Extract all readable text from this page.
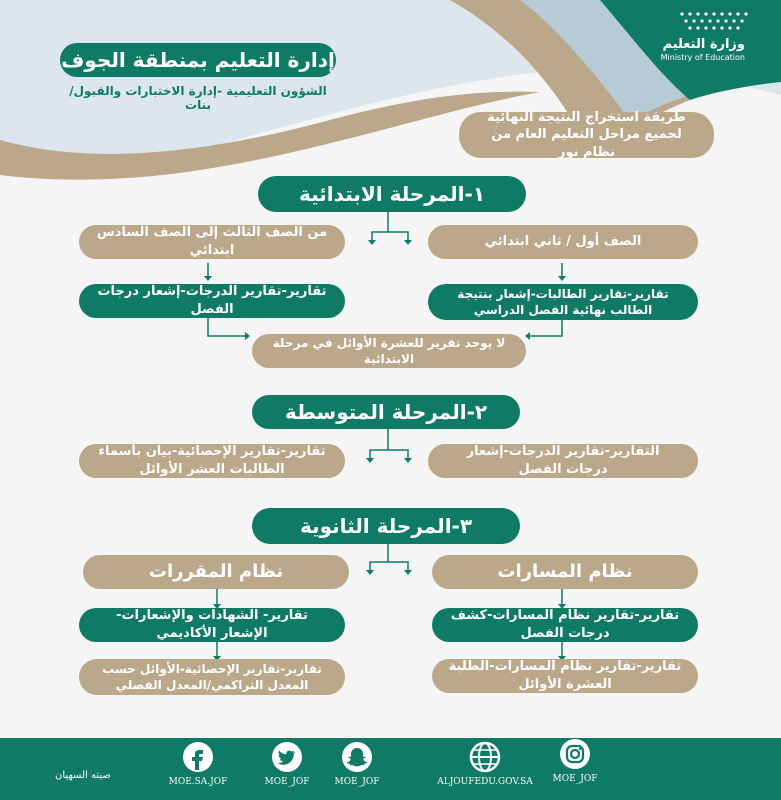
وزارة التعليم
Ministry of Education
إدارة التعليم بمنطقة الجوف
الشؤون التعليمية -إدارة الاختبارات والقبول/بنات
طريقة استخراج النتيجة النهائية لجميع مراحل التعليم العام من نظام نور
١-المرحلة الابتدائية
الصف أول / ثاني ابتدائي
من الصف الثالث إلى الصف السادس ابتدائي
تقارير-تقارير الطالبات-إشعار بنتيجة الطالب نهائية الفصل الدراسي
تقارير-تقارير الدرجات-إشعار درجات الفصل
لا يوجد تقرير للعشرة الأوائل في مرحلة الابتدائية
٢-المرحلة المتوسطة
التقارير-تقارير الدرجات-إشعار درجات الفصل
تقارير-تقارير الإحصائية-بيان بأسماء الطالبات العشر الأوائل
٣-المرحلة الثانوية
نظام المسارات
نظام المقررات
تقارير-تقارير نظام المسارات-كشف درجات الفصل
تقارير- الشهادات والإشعارات-الإشعار الأكاديمي
تقارير-تقارير نظام المسارات-الطلبة العشرة الأوائل
تقارير-تقارير الإحصائية-الأوائل حسب المعدل التراكمي/المعدل الفصلي
صيته السهيان
MOE.SA.JOF	MOE_JOF	MOE_JOF	ALJOUFEDU.GOV.SA MOE_JOF
